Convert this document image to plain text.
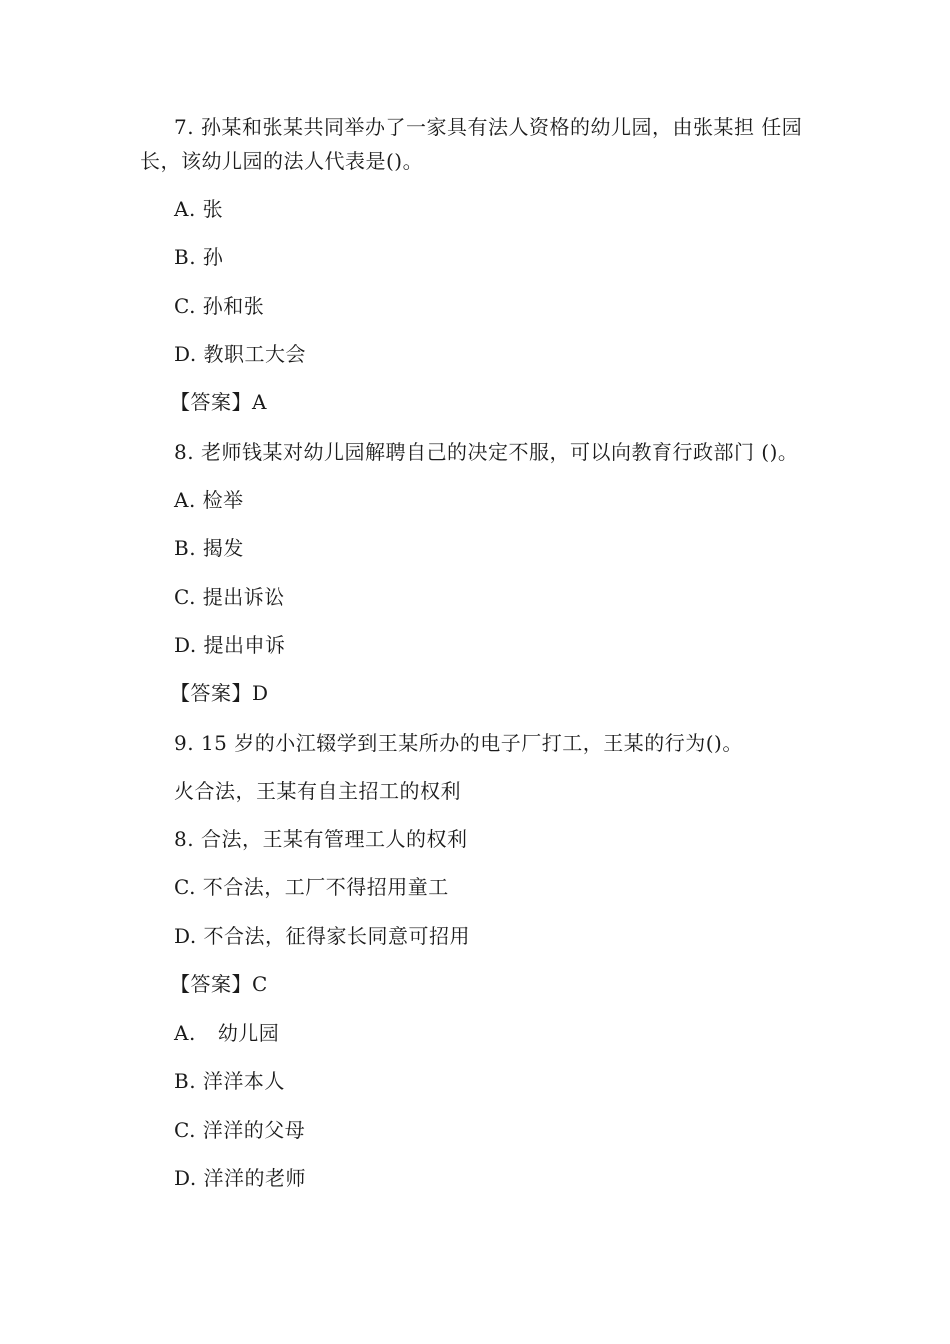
7. 孙某和张某共同举办了一家具有法人资格的幼儿园，由张某担 任园
长，该幼儿园的法人代表是()。
A. 张
B. 孙
C. 孙和张
D. 教职工大会
【答案】A
8. 老师钱某对幼儿园解聘自己的决定不服，可以向教育行政部门 ()。
A. 检举
B. 揭发
C. 提出诉讼
D. 提出申诉
【答案】D
9. 15 岁的小江辍学到王某所办的电子厂打工，王某的行为()。
火合法，王某有自主招工的权利
8. 合法，王某有管理工人的权利
C. 不合法，工厂不得招用童工
D. 不合法，征得家长同意可招用
【答案】C
A. 幼儿园
B. 洋洋本人
C. 洋洋的父母
D. 洋洋的老师
